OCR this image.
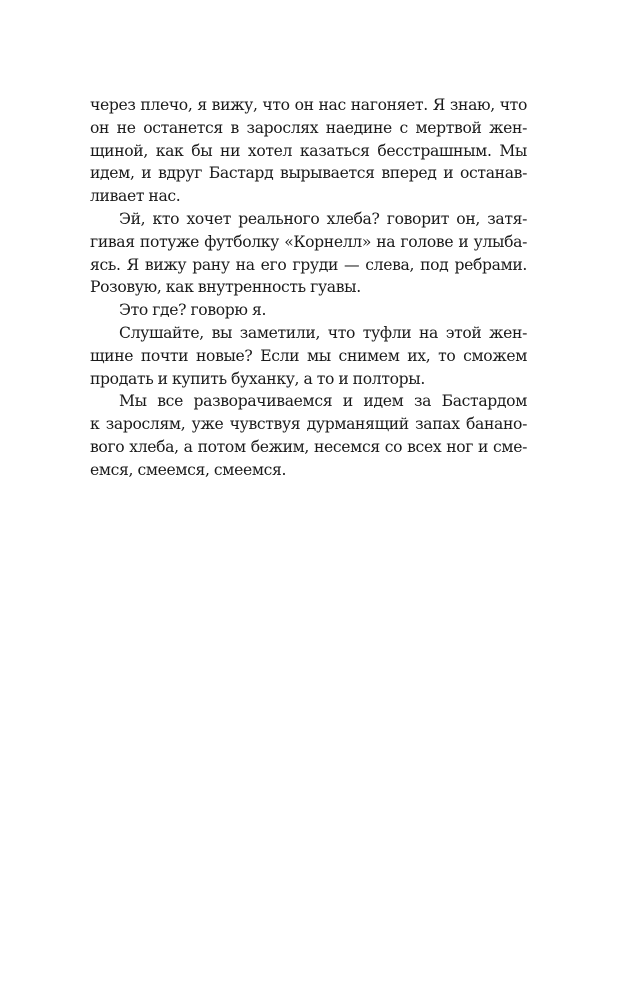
через плечо, я вижу, что он нас нагоняет. Я знаю, что
он не останется в зарослях наедине с мертвой жен-
щиной, как бы ни хотел казаться бесстрашным. Мы
идем, и вдруг Бастард вырывается вперед и останав-
ливает нас.

Эй, кто хочет реального хлеба? говорит он, затя-
гивая потуже футболку «Корнелл» на голове и улыба-
ясь. Я вижу рану на его груди — слева, под ребрами.
Розовую, как внутренность гуавы.

Это где? говорю я.

Слушайте, вы заметили, что туфли на этой жен-
щине почти новые? Если мы снимем их, то сможем
продать и купить буханку, а то и полторы.

Мы все разворачиваемся и идем за Бастардом
к зарослям, уже чувствуя дурманящий запах бананo-
вого хлеба, а потом бежим, несемся со всех ног и сме-
емся, смеемся, смеемся.
